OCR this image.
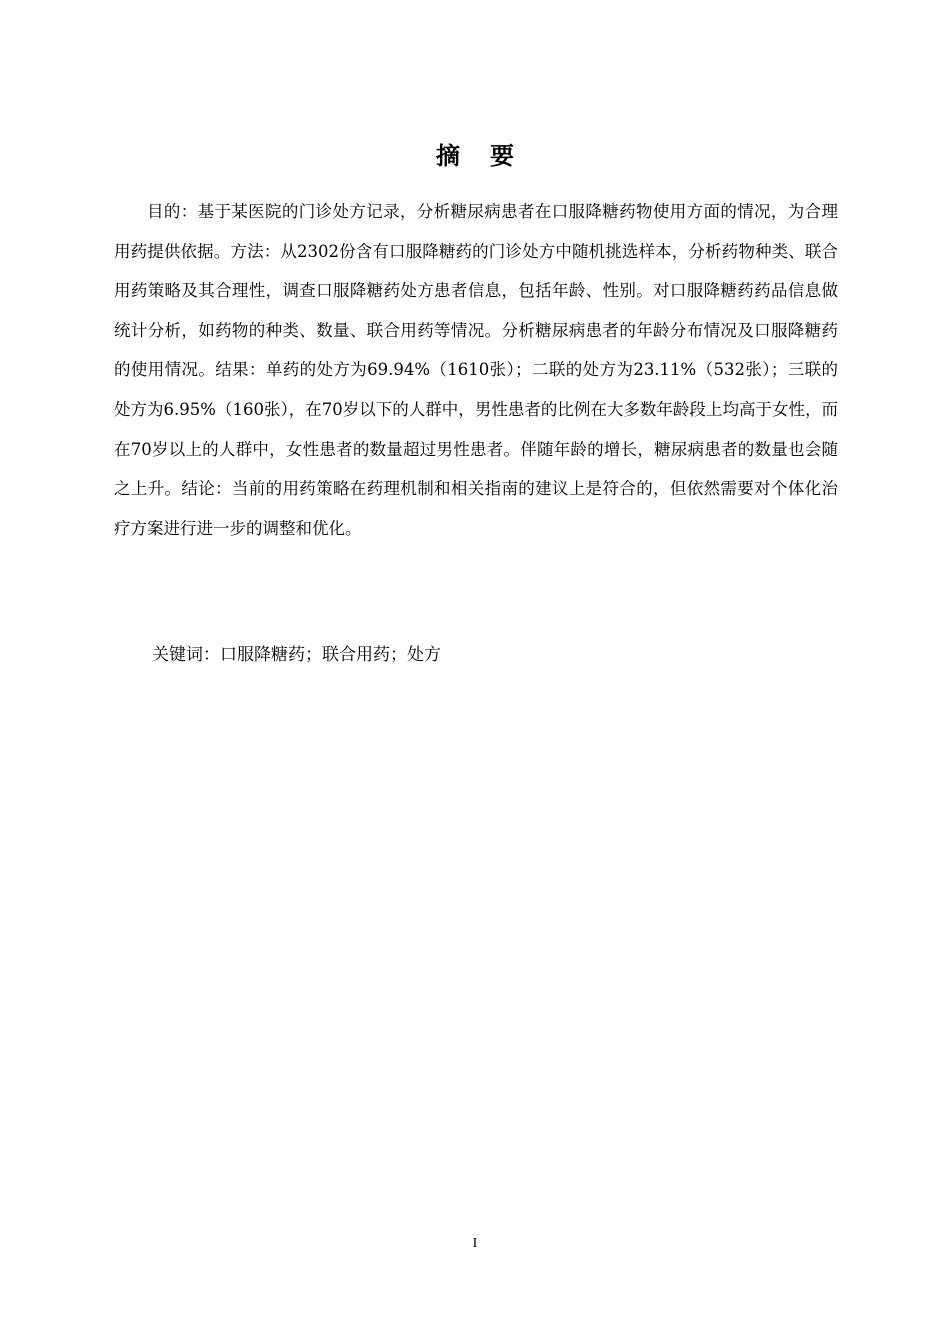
摘要

目的：基于某医院的门诊处方记录，分析糖尿病患者在口服降糖药物使用方面的情况，为合理用药提供依据。方法：从2302份含有口服降糖药的门诊处方中随机挑选样本，分析药物种类、联合用药策略及其合理性，调查口服降糖药处方患者信息，包括年龄、性别。对口服降糖药药品信息做统计分析，如药物的种类、数量、联合用药等情况。分析糖尿病患者的年龄分布情况及口服降糖药的使用情况。结果：单药的处方为69.94%（1610张）；二联的处方为23.11%（532张）；三联的处方为6.95%（160张），在70岁以下的人群中，男性患者的比例在大多数年龄段上均高于女性，而在70岁以上的人群中，女性患者的数量超过男性患者。伴随年龄的增长，糖尿病患者的数量也会随之上升。结论：当前的用药策略在药理机制和相关指南的建议上是符合的，但依然需要对个体化治疗方案进行进一步的调整和优化。

关键词：口服降糖药；联合用药；处方
I
